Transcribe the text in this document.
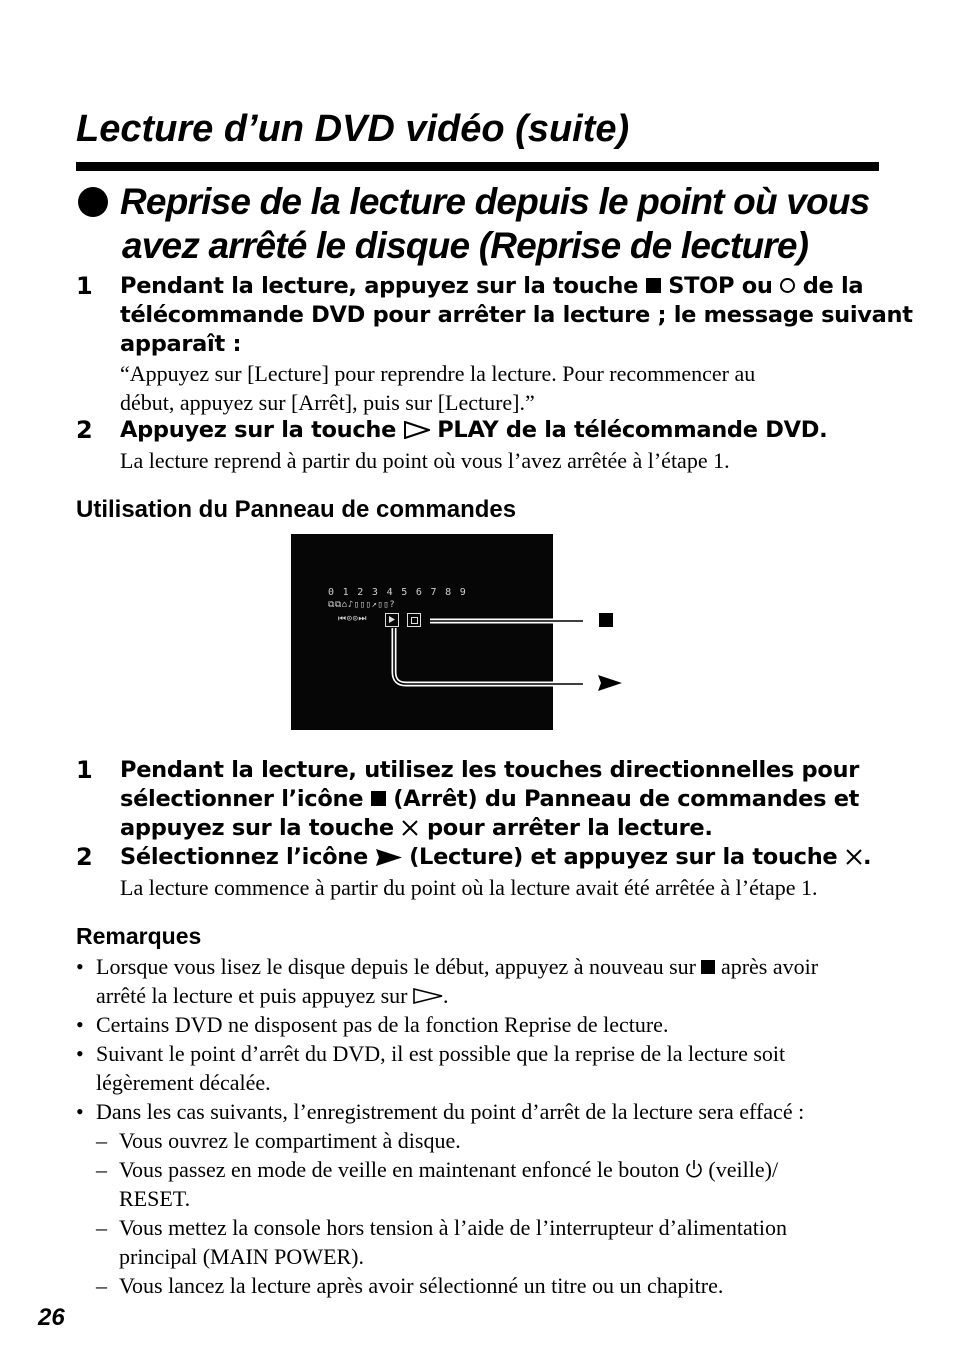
Lecture d’un DVD vidéo (suite)
Reprise de la lecture depuis le point où vous
avez arrêté le disque (Reprise de lecture)
1 Pendant la lecture, appuyez sur la touche STOP ou de la
télécommande DVD pour arrêter la lecture ; le message suivant
apparaît :
“Appuyez sur [Lecture] pour reprendre la lecture. Pour recommencer au
début, appuyez sur [Arrêt], puis sur [Lecture].”
2 Appuyez sur la touche PLAY de la télécommande DVD.
La lecture reprend à partir du point où vous l’avez arrêtée à l’étape 1.
Utilisation du Panneau de commandes
0 1 2 3 4 5 6 7 8 9
⧉⧉⌂♪▯▯▯↗▯▯?
⏮⊙⊙⏭
1 Pendant la lecture, utilisez les touches directionnelles pour
sélectionner l’icône (Arrêt) du Panneau de commandes et
appuyez sur la touche pour arrêter la lecture.
2 Sélectionnez l’icône (Lecture) et appuyez sur la touche .
La lecture commence à partir du point où la lecture avait été arrêtée à l’étape 1.
Remarques
• Lorsque vous lisez le disque depuis le début, appuyez à nouveau sur après avoir
arrêté la lecture et puis appuyez sur .
• Certains DVD ne disposent pas de la fonction Reprise de lecture.
• Suivant le point d’arrêt du DVD, il est possible que la reprise de la lecture soit
légèrement décalée.
• Dans les cas suivants, l’enregistrement du point d’arrêt de la lecture sera effacé :
– Vous ouvrez le compartiment à disque.
– Vous passez en mode de veille en maintenant enfoncé le bouton (veille)/
RESET.
– Vous mettez la console hors tension à l’aide de l’interrupteur d’alimentation
principal (MAIN POWER).
– Vous lancez la lecture après avoir sélectionné un titre ou un chapitre.
26
